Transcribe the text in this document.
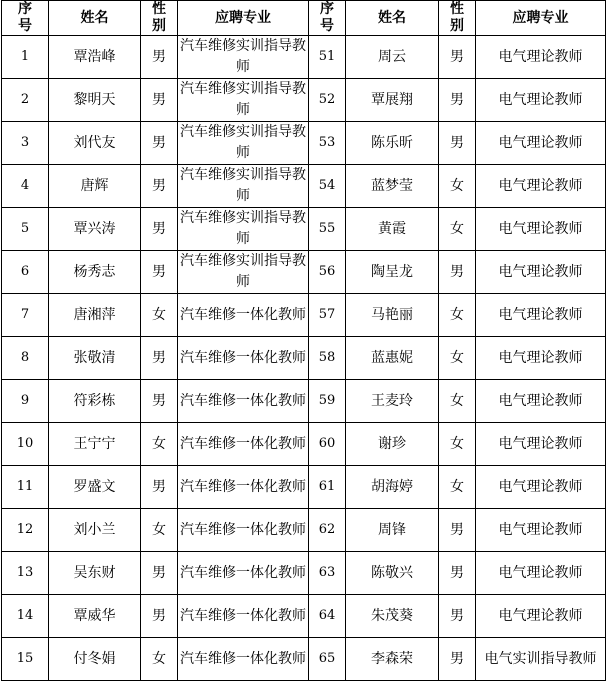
序号	姓名	性别	应聘专业	序号	姓名	性别	应聘专业
1	覃浩峰	男	汽车维修实训指导教师	51	周云	男	电气理论教师
2	黎明天	男	汽车维修实训指导教师	52	覃展翔	男	电气理论教师
3	刘代友	男	汽车维修实训指导教师	53	陈乐昕	男	电气理论教师
4	唐辉	男	汽车维修实训指导教师	54	蓝梦莹	女	电气理论教师
5	覃兴涛	男	汽车维修实训指导教师	55	黄霞	女	电气理论教师
6	杨秀志	男	汽车维修实训指导教师	56	陶呈龙	男	电气理论教师
7	唐湘萍	女	汽车维修一体化教师	57	马艳丽	女	电气理论教师
8	张敬清	男	汽车维修一体化教师	58	蓝惠妮	女	电气理论教师
9	符彩栋	男	汽车维修一体化教师	59	王麦玲	女	电气理论教师
10	王宁宁	女	汽车维修一体化教师	60	谢珍	女	电气理论教师
11	罗盛文	男	汽车维修一体化教师	61	胡海婷	女	电气理论教师
12	刘小兰	女	汽车维修一体化教师	62	周锋	男	电气理论教师
13	吴东财	男	汽车维修一体化教师	63	陈敬兴	男	电气理论教师
14	覃威华	男	汽车维修一体化教师	64	朱茂葵	男	电气理论教师
15	付冬娟	女	汽车维修一体化教师	65	李森荣	男	电气实训指导教师
